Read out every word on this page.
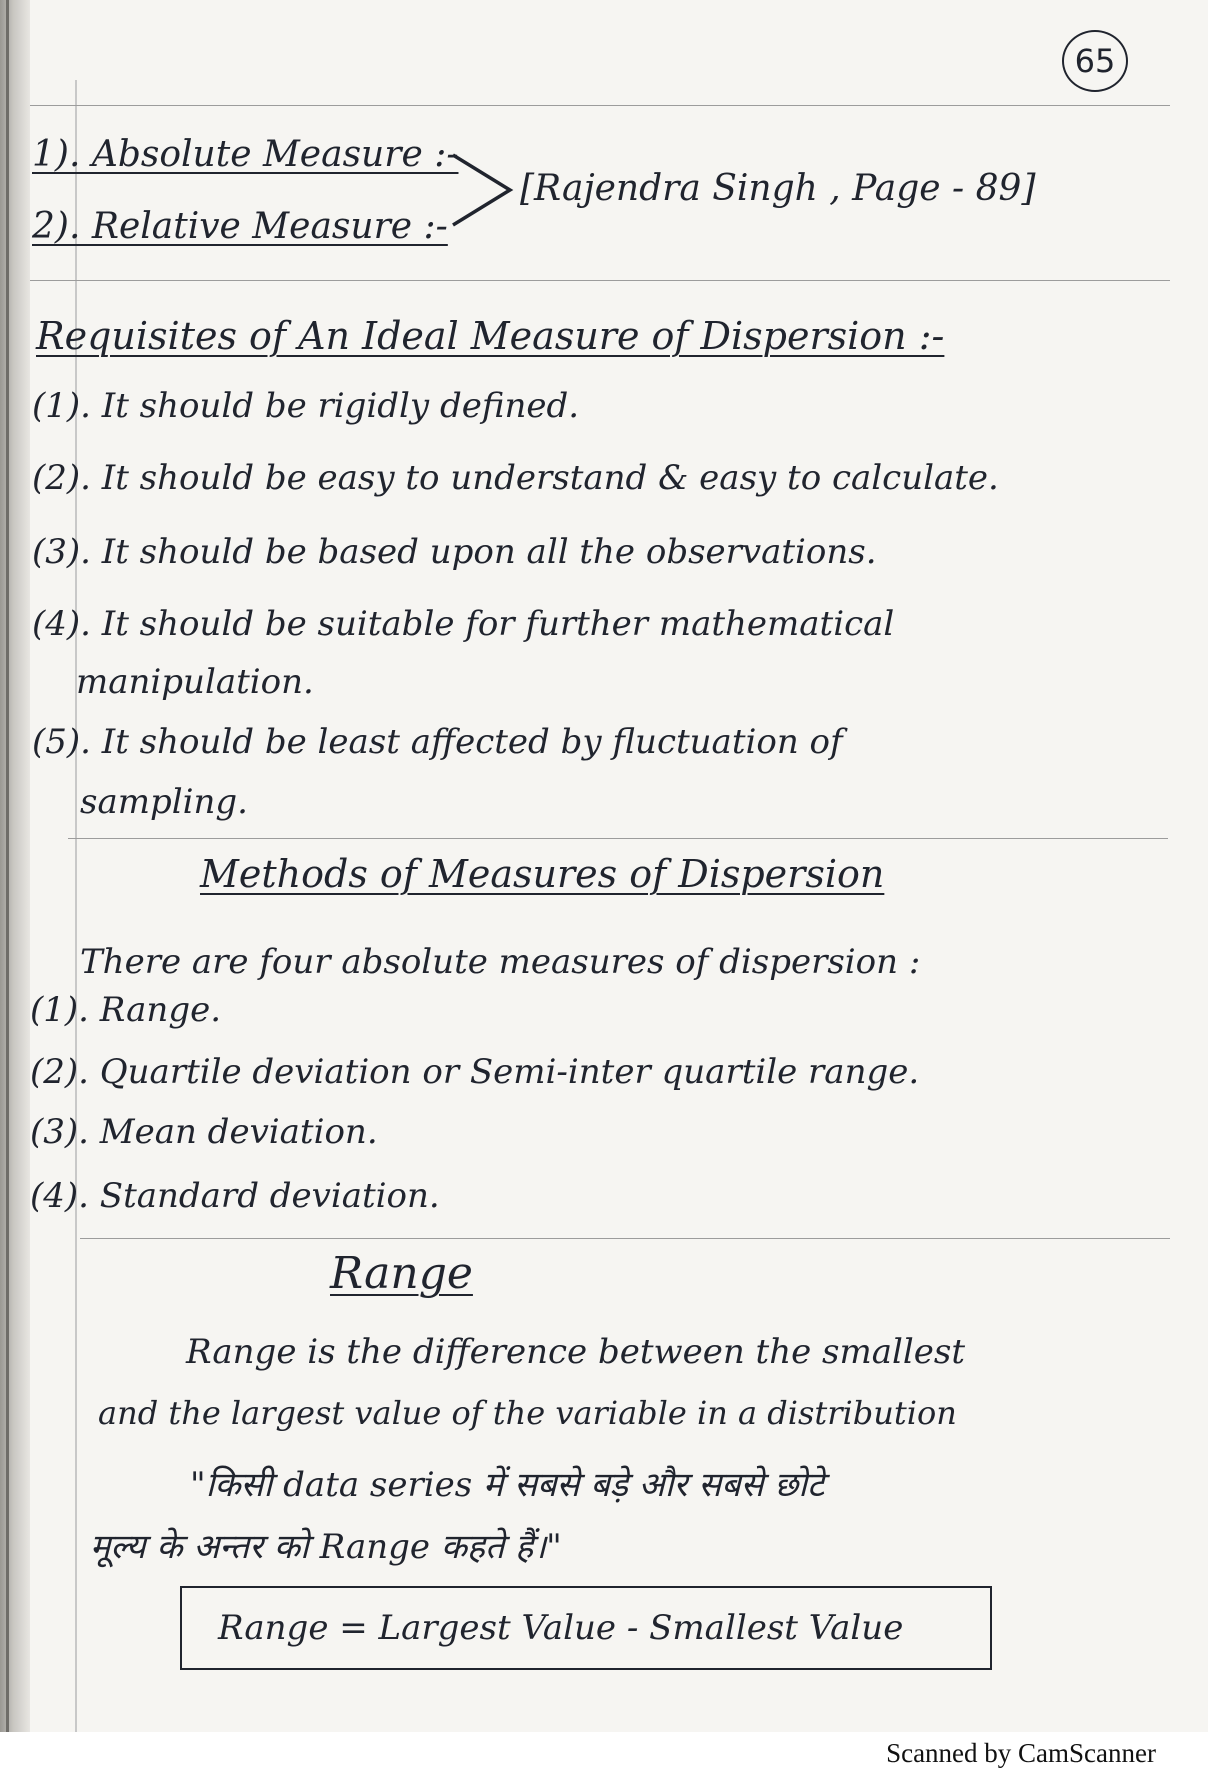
65
1). Absolute Measure :-
2). Relative Measure :-
[Rajendra Singh , Page - 89]
Requisites of An Ideal Measure of Dispersion :-
(1). It should be rigidly defined.
(2). It should be easy to understand & easy to calculate.
(3). It should be based upon all the observations.
(4). It should be suitable for further mathematical
manipulation.
(5). It should be least affected by fluctuation of
sampling.
Methods of Measures of Dispersion
There are four absolute measures of dispersion :
(1). Range.
(2). Quartile deviation or Semi-inter quartile range.
(3). Mean deviation.
(4). Standard deviation.
Range
Range is the difference between the smallest
and the largest value of the variable in a distribution
"किसी data series में सबसे बड़े और सबसे छोटे
मूल्य के अन्तर को Range कहते हैं।"
Range = Largest Value - Smallest Value
Scanned by CamScanner
